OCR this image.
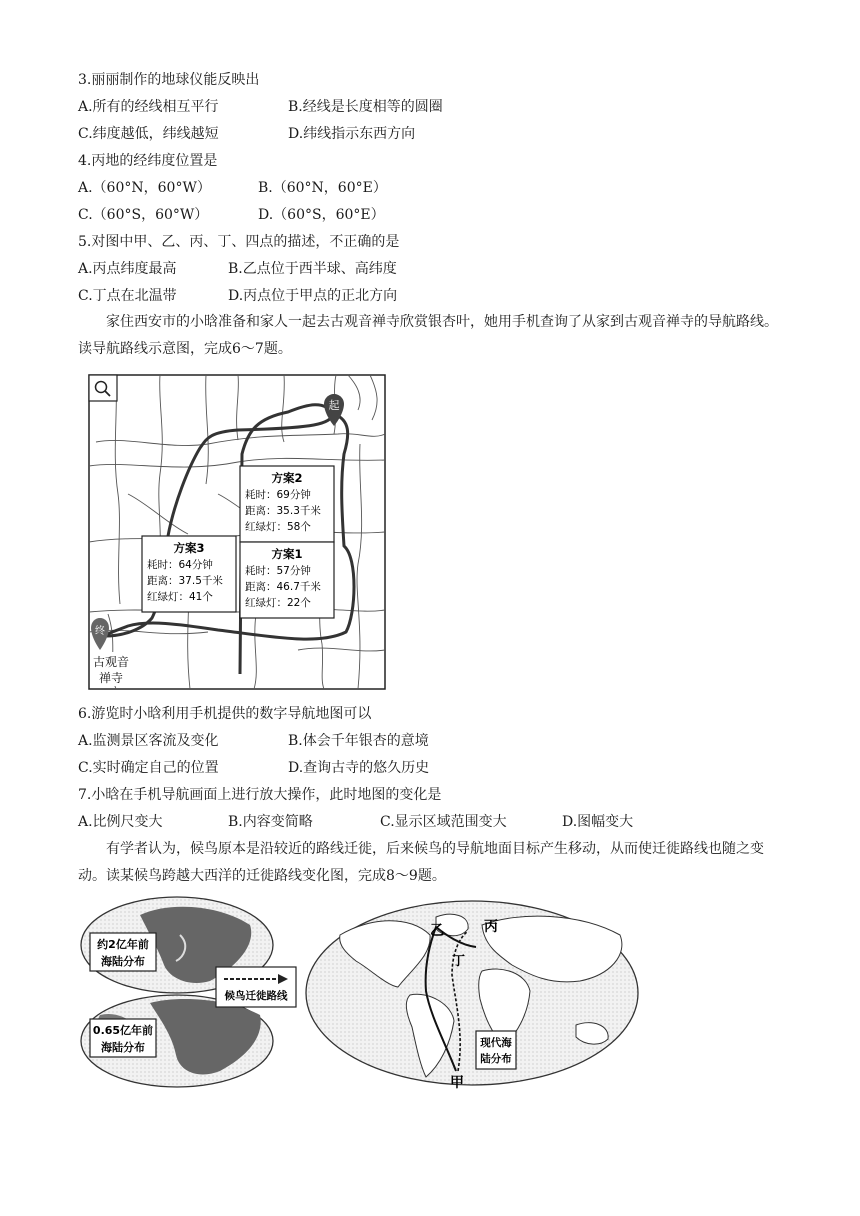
3.丽丽制作的地球仪能反映出
A.所有的经线相互平行	B.经线是长度相等的圆圈
C.纬度越低，纬线越短	D.纬线指示东西方向
4.丙地的经纬度位置是
A.（60°N，60°W）	B.（60°N，60°E）
C.（60°S，60°W）	D.（60°S，60°E）
5.对图中甲、乙、丙、丁、四点的描述，不正确的是
A.丙点纬度最高	B.乙点位于西半球、高纬度
C.丁点在北温带	D.丙点位于甲点的正北方向
家住西安市的小晗准备和家人一起去古观音禅寺欣赏银杏叶，她用手机查询了从家到古观音禅寺的导航路线。读导航路线示意图，完成6～7题。
起
终
古观音
禅寺
方案2
耗时：69分钟
距离：35.3千米
红绿灯：58个
方案3
耗时：64分钟
距离：37.5千米
红绿灯：41个
方案1
耗时：57分钟
距离：46.7千米
红绿灯：22个
6.游览时小晗利用手机提供的数字导航地图可以
A.监测景区客流及变化	B.体会千年银杏的意境
C.实时确定自己的位置	D.查询古寺的悠久历史
7.小晗在手机导航画面上进行放大操作，此时地图的变化是
A.比例尺变大	B.内容变简略	C.显示区域范围变大	D.图幅变大
有学者认为，候鸟原本是沿较近的路线迁徙，后来候鸟的导航地面目标产生移动，从而使迁徙路线也随之变动。读某候鸟跨越大西洋的迁徙路线变化图，完成8～9题。
约2亿年前
海陆分布
0.65亿年前
海陆分布
候鸟迁徙路线
乙	丙
丁
甲
现代海
陆分布
